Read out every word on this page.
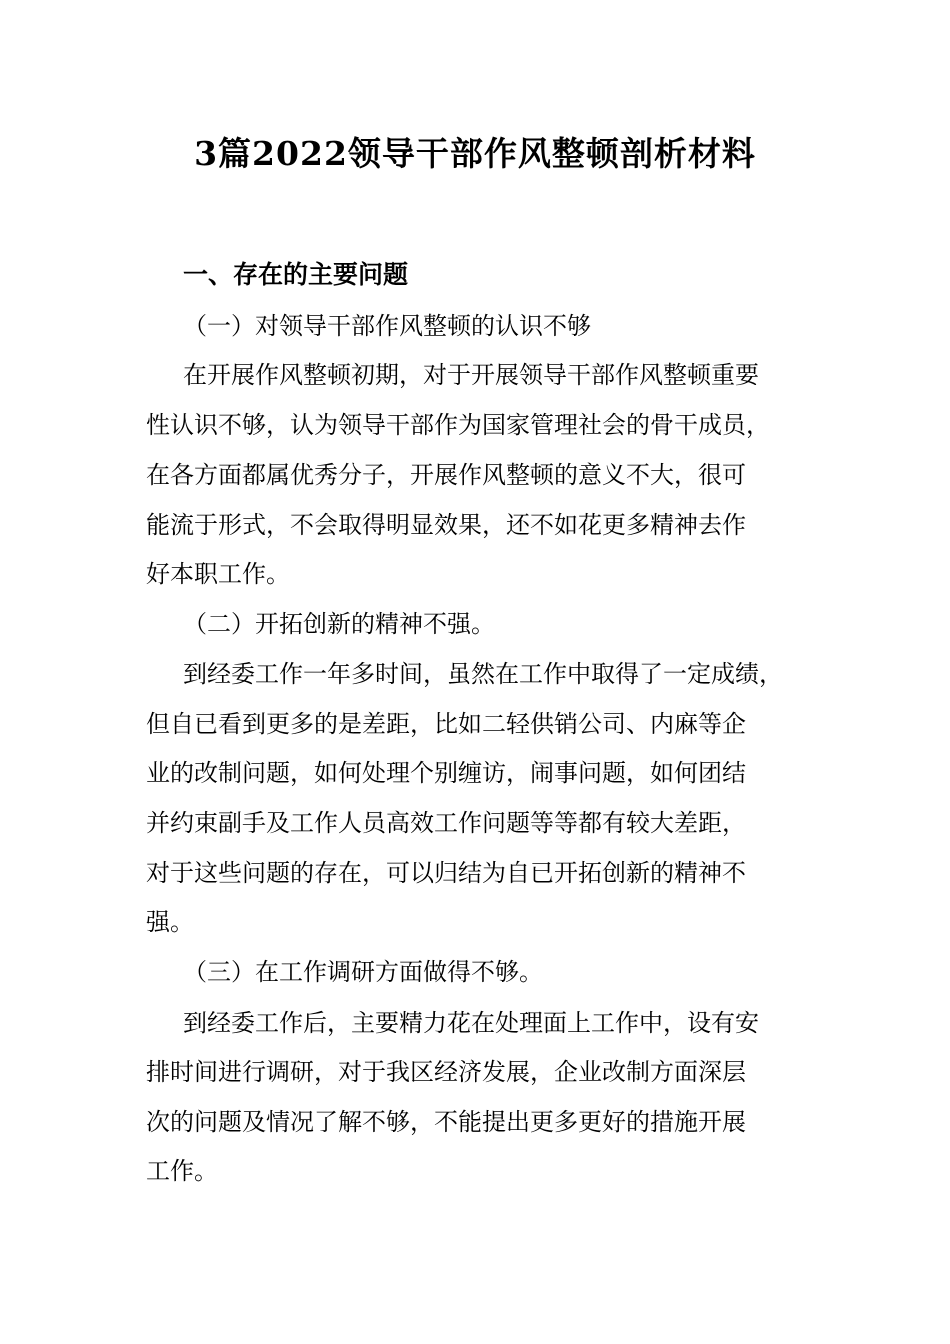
3篇2022领导干部作风整顿剖析材料
一、存在的主要问题
（一）对领导干部作风整顿的认识不够
在开展作风整顿初期，对于开展领导干部作风整顿重要
性认识不够，认为领导干部作为国家管理社会的骨干成员，
在各方面都属优秀分子，开展作风整顿的意义不大，很可
能流于形式，不会取得明显效果，还不如花更多精神去作
好本职工作。
（二）开拓创新的精神不强。
到经委工作一年多时间，虽然在工作中取得了一定成绩，
但自已看到更多的是差距，比如二轻供销公司、内麻等企
业的改制问题，如何处理个别缠访，闹事问题，如何团结
并约束副手及工作人员高效工作问题等等都有较大差距，
对于这些问题的存在，可以归结为自已开拓创新的精神不
强。
（三）在工作调研方面做得不够。
到经委工作后，主要精力花在处理面上工作中，设有安
排时间进行调研，对于我区经济发展，企业改制方面深层
次的问题及情况了解不够，不能提出更多更好的措施开展
工作。
